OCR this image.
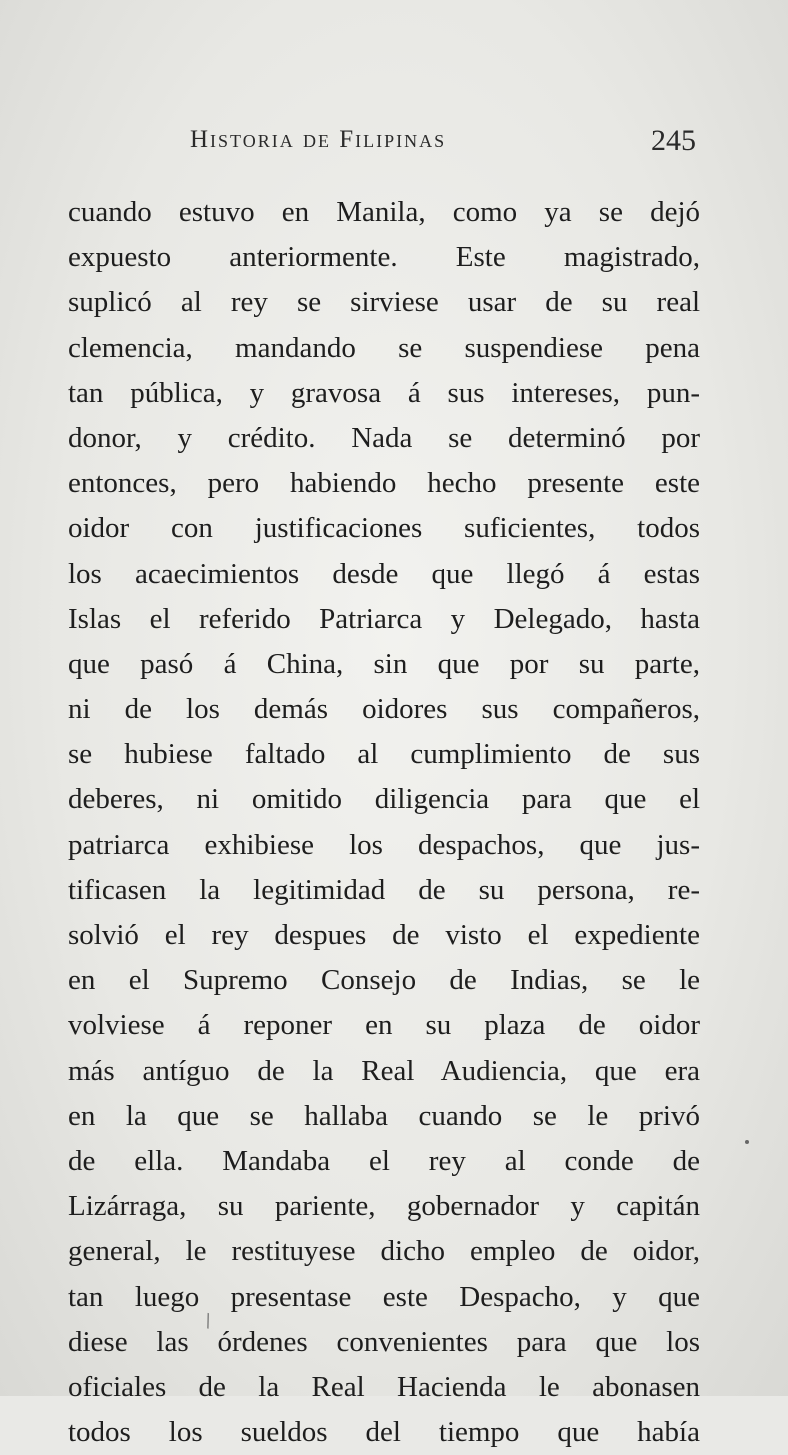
Historia de Filipinas	245
cuando estuvo en Manila, como ya se dejó
expuesto anteriormente. Este magistrado,
suplicó al rey se sirviese usar de su real
clemencia, mandando se suspendiese pena
tan pública, y gravosa á sus intereses, pun-
donor, y crédito. Nada se determinó por
entonces, pero habiendo hecho presente este
oidor con justificaciones suficientes, todos
los acaecimientos desde que llegó á estas
Islas el referido Patriarca y Delegado, hasta
que pasó á China, sin que por su parte,
ni de los demás oidores sus compañeros,
se hubiese faltado al cumplimiento de sus
deberes, ni omitido diligencia para que el
patriarca exhibiese los despachos, que jus-
tificasen la legitimidad de su persona, re-
solvió el rey despues de visto el expediente
en el Supremo Consejo de Indias, se le
volviese á reponer en su plaza de oidor
más antíguo de la Real Audiencia, que era
en la que se hallaba cuando se le privó
de ella. Mandaba el rey al conde de
Lizárraga, su pariente, gobernador y capitán
general, le restituyese dicho empleo de oidor,
tan luego presentase este Despacho, y que
diese las órdenes convenientes para que los
oficiales de la Real Hacienda le abonasen
todos los sueldos del tiempo que había
\
